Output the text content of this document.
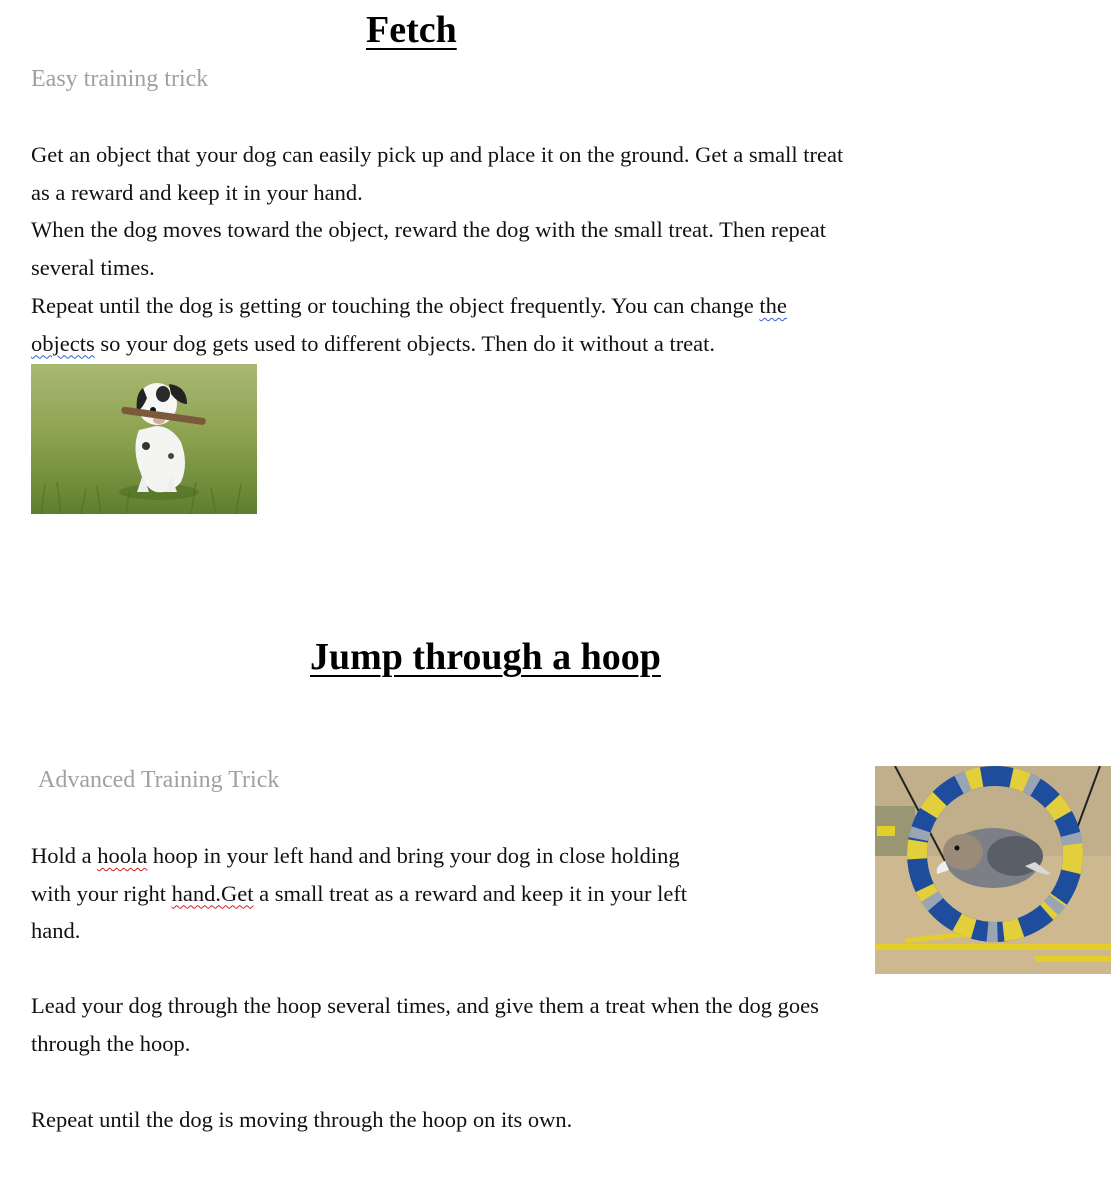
Fetch

Easy training trick

Get an object that your dog can easily pick up and place it on the ground. Get a small treat
as a reward and keep it in your hand.
When the dog moves toward the object, reward the dog with the small treat. Then repeat
several times.
Repeat until the dog is getting or touching the object frequently. You can change the
objects so your dog gets used to different objects. Then do it without a treat.
Jump through a hoop

Advanced Training Trick

Hold a hoola hoop in your left hand and bring your dog in close holding
with your right hand.Get a small treat as a reward and keep it in your left
hand.
Lead your dog through the hoop several times, and give them a treat when the dog goes
through the hoop.
Repeat until the dog is moving through the hoop on its own.
